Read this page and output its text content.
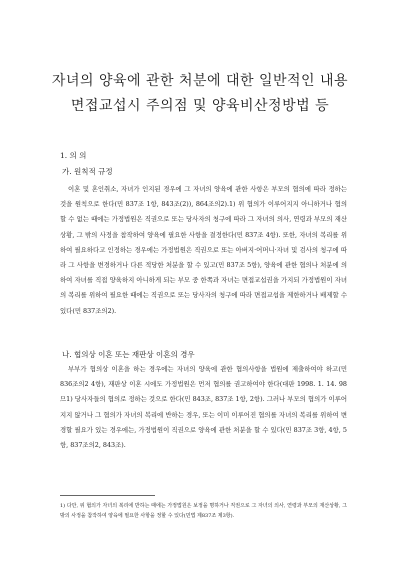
자녀의 양육에 관한 처분에 대한 일반적인 내용
면접교섭시 주의점 및 양육비산정방법 등
1. 의 의
가. 원칙적 규정

이혼 및 혼인취소, 자녀가 인지된 경우에 그 자녀의 양육에 관한 사항은 부모의 협의에 따라 정하는 것을 원칙으로 한다(민 837조 1항, 843조(2)), 864조의2).1) 위 협의가 이루어지지 아니하거나 협의할 수 없는 때에는 가정법원은 직권으로 또는 당사자의 청구에 따라 그 자녀의 의사, 연령과 부모의 재산상황, 그 밖의 사정을 참작하여 양육에 필요한 사항을 결정한다(민 837조 4항). 또한, 자녀의 복리를 위하여 필요하다고 인정하는 경우에는 가정법원은 직권으로 또는 아버지·어머니·자녀 및 검사의 청구에 따라 그 사항을 변경하거나 다른 적당한 처분을 할 수 있고(민 837조 5항), 양육에 관한 협의나 처분에 의하여 자녀를 직접 양육하지 아니하게 되는 부모 중 한쪽과 자녀는 면접교섭권을 가지되 가정법원이 자녀의 복리를 위하여 필요한 때에는 직권으로 또는 당사자의 청구에 따라 면접교섭을 제한하거나 배제할 수 있다(민 837조의2).

나. 협의상 이혼 또는 재판상 이혼의 경우

부부가 협의상 이혼을 하는 경우에는 자녀의 양육에 관한 협의사항을 법원에 제출하여야 하고(민 836조의2 4항), 재판상 이혼 시에도 가정법원은 먼저 협의를 권고하여야 한다(대판 1998. 1. 14. 98므1) 당사자들의 협의로 정하는 것으로 한다(민 843조, 837조 1항, 2항). 그러나 부모의 협의가 이루어지지 않거나 그 협의가 자녀의 복리에 반하는 경우, 또는 이미 이루어진 협의를 자녀의 복리를 위하여 변경할 필요가 있는 경우에는, 가정법원이 직권으로 양육에 관한 처분을 할 수 있다(민 837조 3항, 4항, 5항, 837조의2, 843조).

1) 다만, 위 협의가 자녀의 복리에 반하는 때에는 가정법원은 보정을 명하거나 직권으로 그 자녀의 의사, 연령과 부모의 재산상황, 그 밖의 사정을 참작하여 양육에 필요한 사항을 정할 수 있다(민법 제837조 제3항).
